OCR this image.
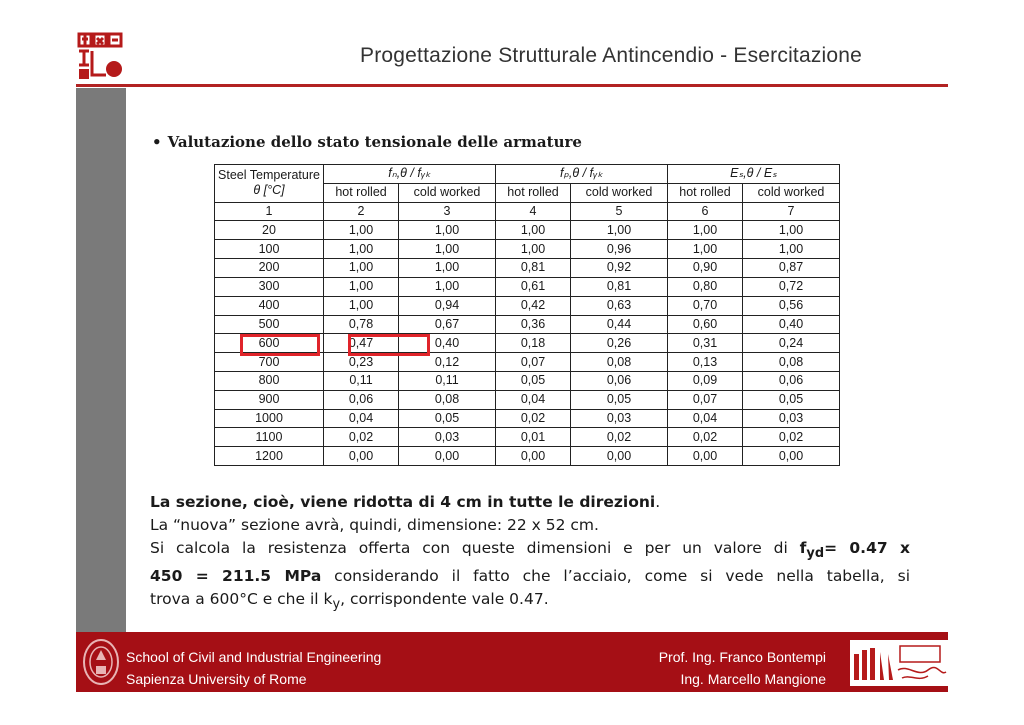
Progettazione Strutturale Antincendio - Esercitazione
• Valutazione dello stato tensionale delle armature
Steel Temperature
θ [°C]	fₙ,θ / fᵧₖ		fₚ,θ / fᵧₖ		Eₛ,θ / Eₛ	
	hot rolled	cold worked	hot rolled	cold worked	hot rolled	cold worked
1	2	3	4	5	6	7
20	1,00	1,00	1,00	1,00	1,00	1,00
100	1,00	1,00	1,00	0,96	1,00	1,00
200	1,00	1,00	0,81	0,92	0,90	0,87
300	1,00	1,00	0,61	0,81	0,80	0,72
400	1,00	0,94	0,42	0,63	0,70	0,56
500	0,78	0,67	0,36	0,44	0,60	0,40
600	0,47	0,40	0,18	0,26	0,31	0,24
700	0,23	0,12	0,07	0,08	0,13	0,08
800	0,11	0,11	0,05	0,06	0,09	0,06
900	0,06	0,08	0,04	0,05	0,07	0,05
1000	0,04	0,05	0,02	0,03	0,04	0,03
1100	0,02	0,03	0,01	0,02	0,02	0,02
1200	0,00	0,00	0,00	0,00	0,00	0,00

La sezione, cioè, viene ridotta di 4 cm in tutte le direzioni.

La “nuova” sezione avrà, quindi, dimensione: 22 x 52 cm.

Si calcola la resistenza offerta con queste dimensioni e per un valore di $f_{yd}= 0.47$ x

450 = 211.5 MPa considerando il fatto che l’acciaio, come si vede nella tabella, si

trova a 600°C e che il $k_y$, corrispondente vale 0.47.

School of Civil and Industrial Engineering
Sapienza University of Rome
Prof. Ing. Franco Bontempi
Ing. Marcello Mangione
